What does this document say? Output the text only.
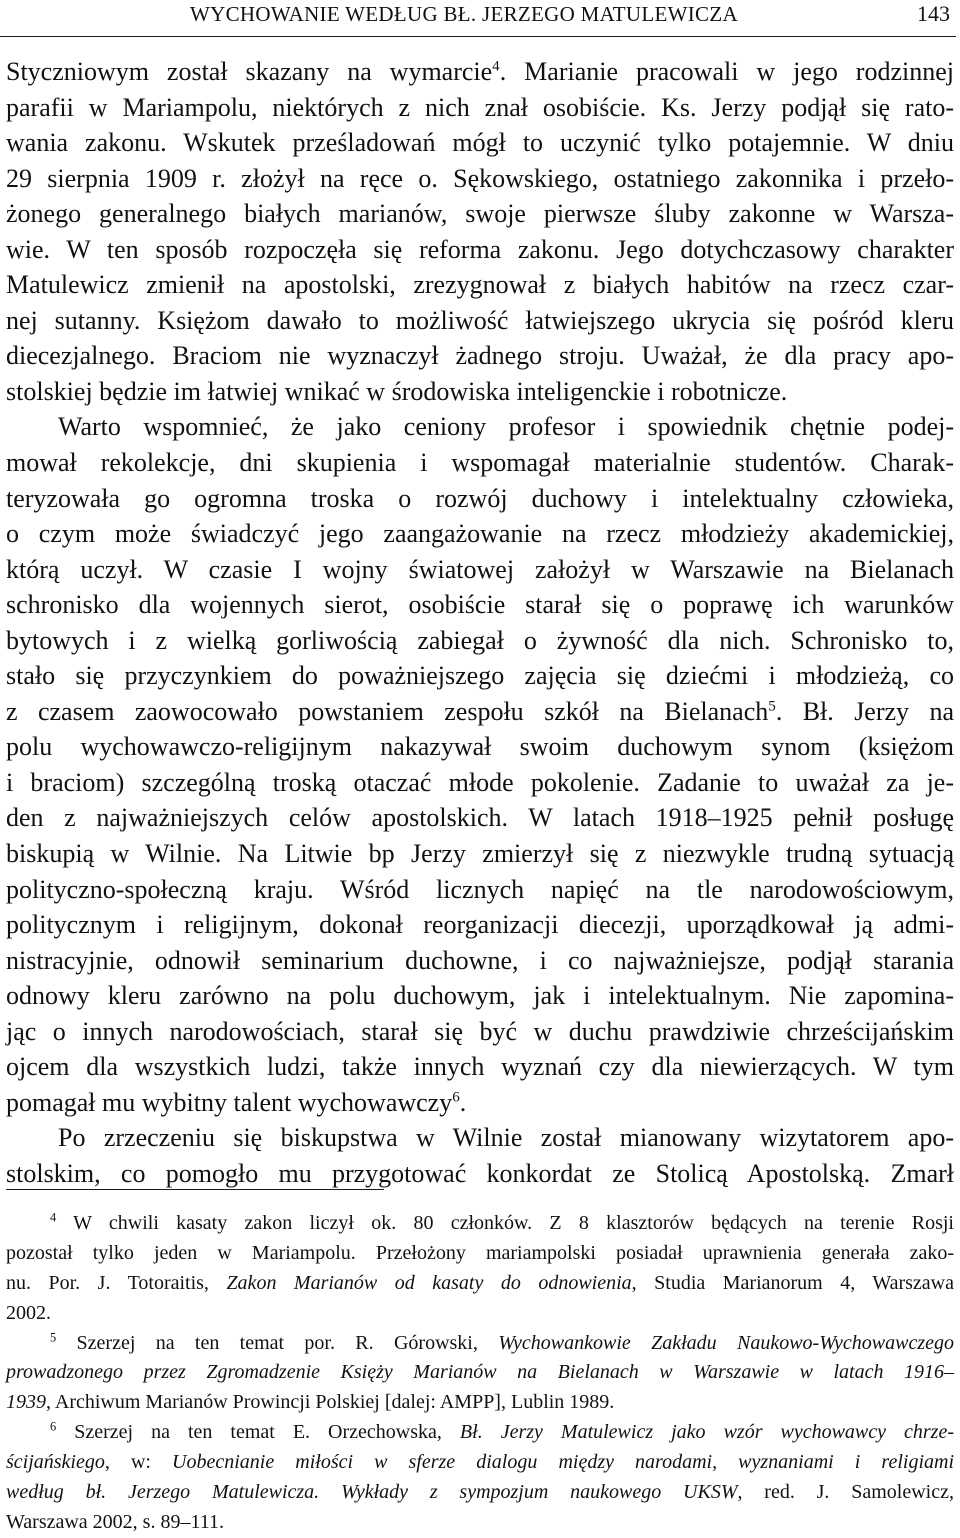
WYCHOWANIE WEDŁUG BŁ. JERZEGO MATULEWICZA	143
Styczniowym został skazany na wymarcie$^4$. Marianie pracowali w jego rodzinnej
parafii w Mariampolu, niektórych z nich znał osobiście. Ks. Jerzy podjął się rato-
wania zakonu. Wskutek prześladowań mógł to uczynić tylko potajemnie. W dniu
29 sierpnia 1909 r. złożył na ręce o. Sękowskiego, ostatniego zakonnika i przeło-
żonego generalnego białych marianów, swoje pierwsze śluby zakonne w Warsza-
wie. W ten sposób rozpoczęła się reforma zakonu. Jego dotychczasowy charakter
Matulewicz zmienił na apostolski, zrezygnował z białych habitów na rzecz czar-
nej sutanny. Księżom dawało to możliwość łatwiejszego ukrycia się pośród kleru
diecezjalnego. Braciom nie wyznaczył żadnego stroju. Uważał, że dla pracy apo-
stolskiej będzie im łatwiej wnikać w środowiska inteligenckie i robotnicze.
Warto wspomnieć, że jako ceniony profesor i spowiednik chętnie podej-
mował rekolekcje, dni skupienia i wspomagał materialnie studentów. Charak-
teryzowała go ogromna troska o rozwój duchowy i intelektualny człowieka,
o czym może świadczyć jego zaangażowanie na rzecz młodzieży akademickiej,
którą uczył. W czasie I wojny światowej założył w Warszawie na Bielanach
schronisko dla wojennych sierot, osobiście starał się o poprawę ich warunków
bytowych i z wielką gorliwością zabiegał o żywność dla nich. Schronisko to,
stało się przyczynkiem do poważniejszego zajęcia się dziećmi i młodzieżą, co
z czasem zaowocowało powstaniem zespołu szkół na Bielanach$^5$. Bł. Jerzy na
polu wychowawczo-religijnym nakazywał swoim duchowym synom (księżom
i braciom) szczególną troską otaczać młode pokolenie. Zadanie to uważał za je-
den z najważniejszych celów apostolskich. W latach 1918–1925 pełnił posługę
biskupią w Wilnie. Na Litwie bp Jerzy zmierzył się z niezwykle trudną sytuacją
polityczno-społeczną kraju. Wśród licznych napięć na tle narodowościowym,
politycznym i religijnym, dokonał reorganizacji diecezji, uporządkował ją admi-
nistracyjnie, odnowił seminarium duchowne, i co najważniejsze, podjął starania
odnowy kleru zarówno na polu duchowym, jak i intelektualnym. Nie zapomina-
jąc o innych narodowościach, starał się być w duchu prawdziwie chrześcijańskim
ojcem dla wszystkich ludzi, także innych wyznań czy dla niewierzących. W tym
pomagał mu wybitny talent wychowawczy$^6$.
Po zrzeczeniu się biskupstwa w Wilnie został mianowany wizytatorem apo-
stolskim, co pomogło mu przygotować konkordat ze Stolicą Apostolską. Zmarł
$^4$ W chwili kasaty zakon liczył ok. 80 członków. Z 8 klasztorów będących na terenie Rosji
pozostał tylko jeden w Mariampolu. Przełożony mariampolski posiadał uprawnienia generała zako-
nu. Por. J. Totoraitis, Zakon Marianów od kasaty do odnowienia, Studia Marianorum 4, Warszawa
2002.
$^5$ Szerzej na ten temat por. R. Górowski, Wychowankowie Zakładu Naukowo-Wychowawczego
prowadzonego przez Zgromadzenie Księży Marianów na Bielanach w Warszawie w latach 1916–
1939, Archiwum Marianów Prowincji Polskiej [dalej: AMPP], Lublin 1989.
$^6$ Szerzej na ten temat E. Orzechowska, Bł. Jerzy Matulewicz jako wzór wychowawcy chrze-
ścijańskiego, w: Uobecnianie miłości w sferze dialogu między narodami, wyznaniami i religiami
według bł. Jerzego Matulewicza. Wykłady z sympozjum naukowego UKSW, red. J. Samolewicz,
Warszawa 2002, s. 89–111.
